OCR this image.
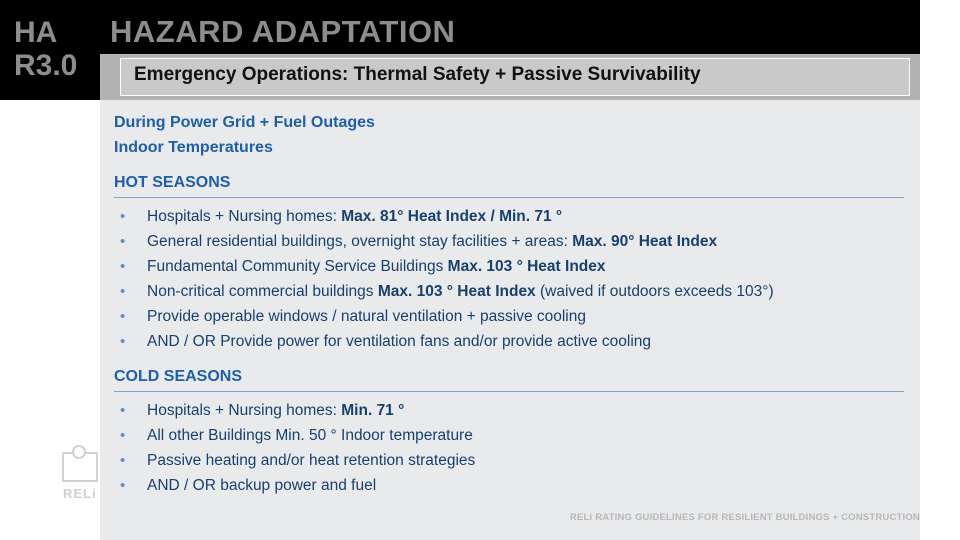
HA
R3.0
HAZARD ADAPTATION
Emergency Operations: Thermal Safety + Passive Survivability
During Power Grid + Fuel Outages
Indoor Temperatures
HOT SEASONS
• Hospitals + Nursing homes: Max. 81° Heat Index / Min. 71 °
• General residential buildings, overnight stay facilities + areas: Max. 90° Heat Index
• Fundamental Community Service Buildings Max. 103 ° Heat Index
• Non-critical commercial buildings Max. 103 ° Heat Index (waived if outdoors exceeds 103°)
• Provide operable windows / natural ventilation + passive cooling
• AND / OR Provide power for ventilation fans and/or provide active cooling
COLD SEASONS
• Hospitals + Nursing homes: Min. 71 °
• All other Buildings Min. 50 ° Indoor temperature
• Passive heating and/or heat retention strategies
• AND / OR backup power and fuel
RELi
RELi RATING GUIDELINES FOR RESILIENT BUILDINGS + CONSTRUCTION
